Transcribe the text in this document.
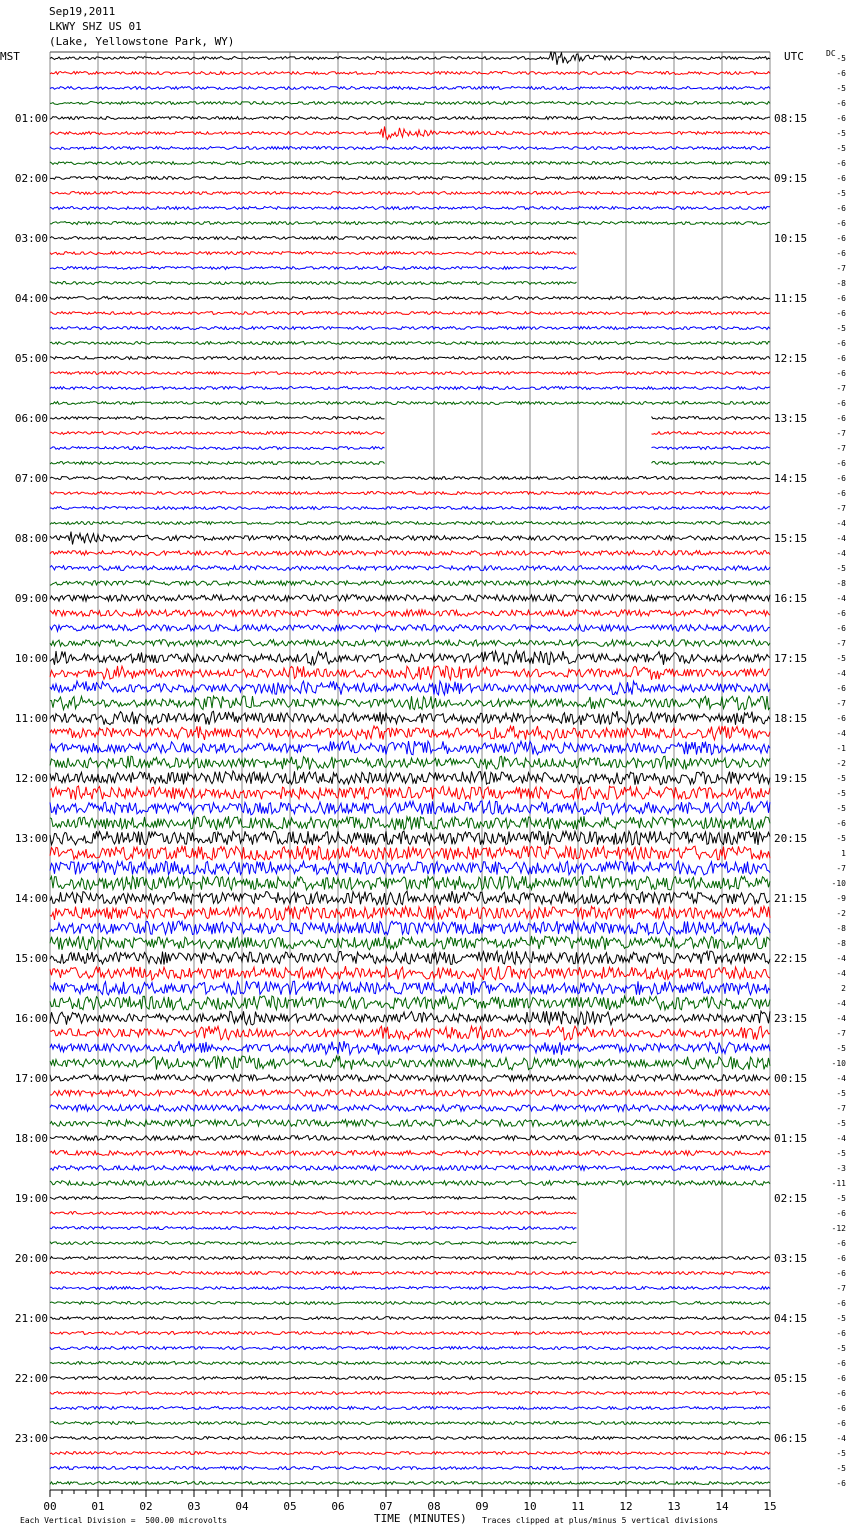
Sep19,2011
LKWY SHZ US 01
(Lake, Yellowstone Park, WY)
MST	UTC	DC
00	01	02	03	04	05	06	07	08	09	10	11	12	13	14	15
-5
-6
-5
-6
-6
-5
-5
-6
-6
-5
-6
-6
-6
-6
-7
-8
-6
-6
-5
-6
-6
-6
-7
-6
-6
-7
-7
-6
-6
-6
-7
-4
-4
-4
-5
-8
-4
-6
-6
-7
-5
-4
-6
-7
-6
-4
-1
-2
-5
-5
-5
-6
-5
1
-7
-10
-9
-2
-8
-8
-4
-4
2
-4
-4
-7
-5
-10
-4
-5
-7
-5
-4
-5
-3
-11
-5
-6
-12
-6
-6
-6
-7
-6
-5
-6
-5
-6
-6
-6
-6
-6
-4
-5
-5
-6
01:00
02:00
03:00
04:00
05:00
06:00
07:00
08:00
09:00
10:00
11:00
12:00
13:00
14:00
15:00
16:00
17:00
18:00
19:00
20:00
21:00
22:00
23:00
08:15
09:15
10:15
11:15
12:15
13:15
14:15
15:15
16:15
17:15
18:15
19:15
20:15
21:15
22:15
23:15
00:15
01:15
02:15
03:15
04:15
05:15
06:15
Each Vertical Division =  500.00 microvolts	TIME (MINUTES) Traces clipped at plus/minus 5 vertical divisions
